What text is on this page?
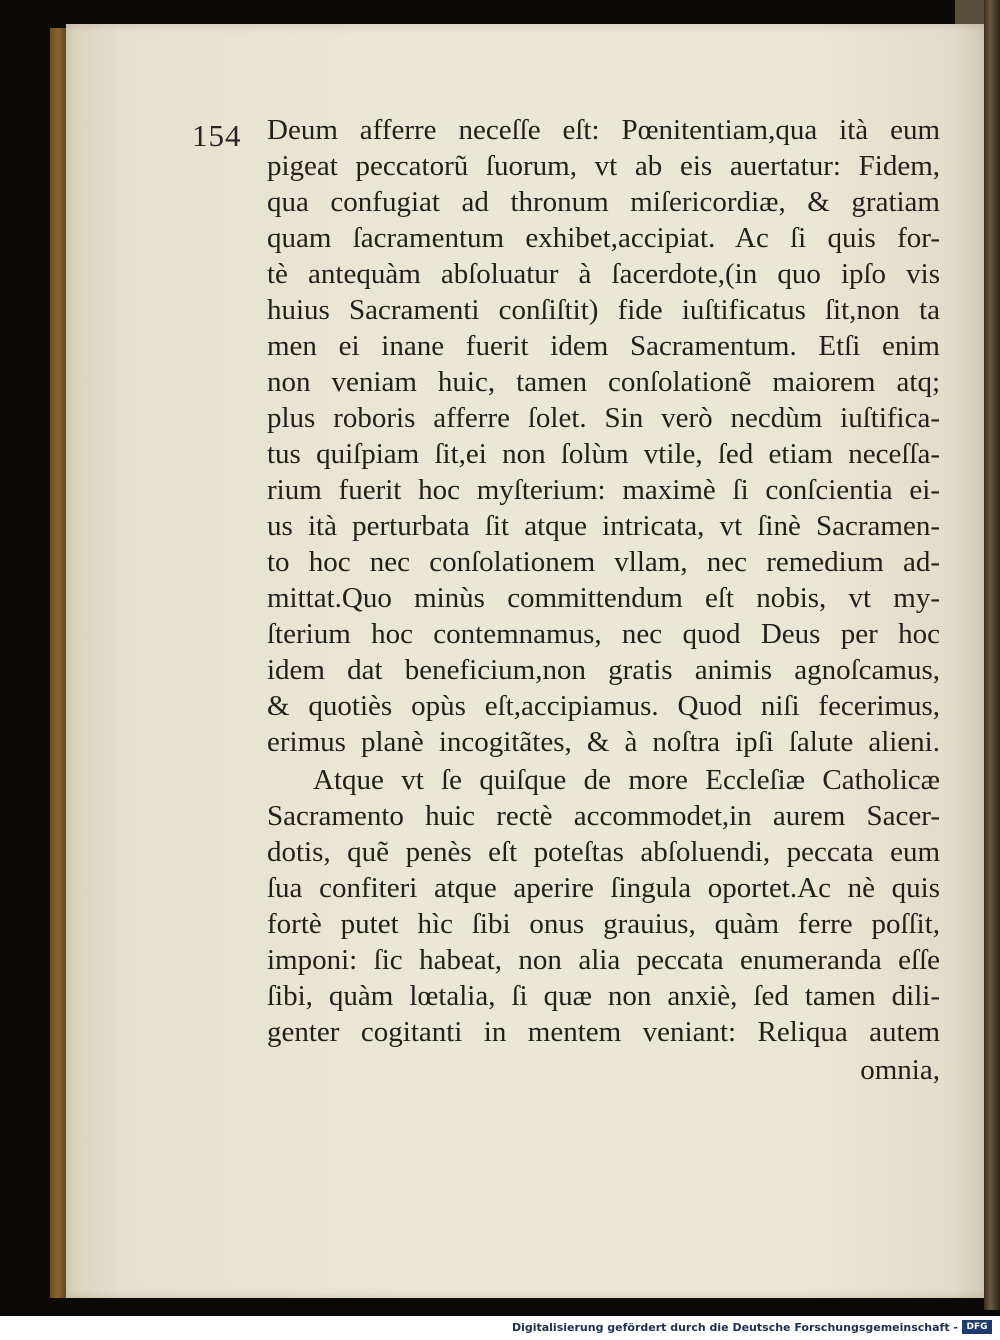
154 Deum afferre neceſſe eſt: Pœnitentiam,qua ità eum
pigeat peccatorũ ſuorum, vt ab eis auertatur: Fidem,
qua confugiat ad thronum miſericordiæ, & gratiam
quam ſacramentum exhibet,accipiat. Ac ſi quis for-
tè antequàm abſoluatur à ſacerdote,(in quo ipſo vis
huius Sacramenti conſiſtit) fide iuſtificatus ſit,non ta
men ei inane fuerit idem Sacramentum. Etſi enim
non veniam huic, tamen conſolationẽ maiorem atq;
plus roboris afferre ſolet. Sin verò necdùm iuſtifica-
tus quiſpiam ſit,ei non ſolùm vtile, ſed etiam neceſſa-
rium fuerit hoc myſterium: maximè ſi conſcientia ei-
us ità perturbata ſit atque intricata, vt ſinè Sacramen-
to hoc nec conſolationem vllam, nec remedium ad-
mittat.Quo minùs committendum eſt nobis, vt my-
ſterium hoc contemnamus, nec quod Deus per hoc
idem dat beneficium,non gratis animis agnoſcamus,
& quotiès opùs eſt,accipiamus. Quod niſi fecerimus,
erimus planè incogitãtes, & à noſtra ipſi ſalute alieni.
Atque vt ſe quiſque de more Eccleſiæ Catholicæ
Sacramento huic rectè accommodet,in aurem Sacer-
dotis, quẽ penès eſt poteſtas abſoluendi, peccata eum
ſua confiteri atque aperire ſingula oportet.Ac nè quis
fortè putet hìc ſibi onus grauius, quàm ferre poſſit,
imponi: ſic habeat, non alia peccata enumeranda eſſe
ſibi, quàm lœtalia, ſi quæ non anxiè, ſed tamen dili-
genter cogitanti in mentem veniant: Reliqua autem
omnia,
Digitalisierung gefördert durch die Deutsche Forschungsgemeinschaft - DFG
